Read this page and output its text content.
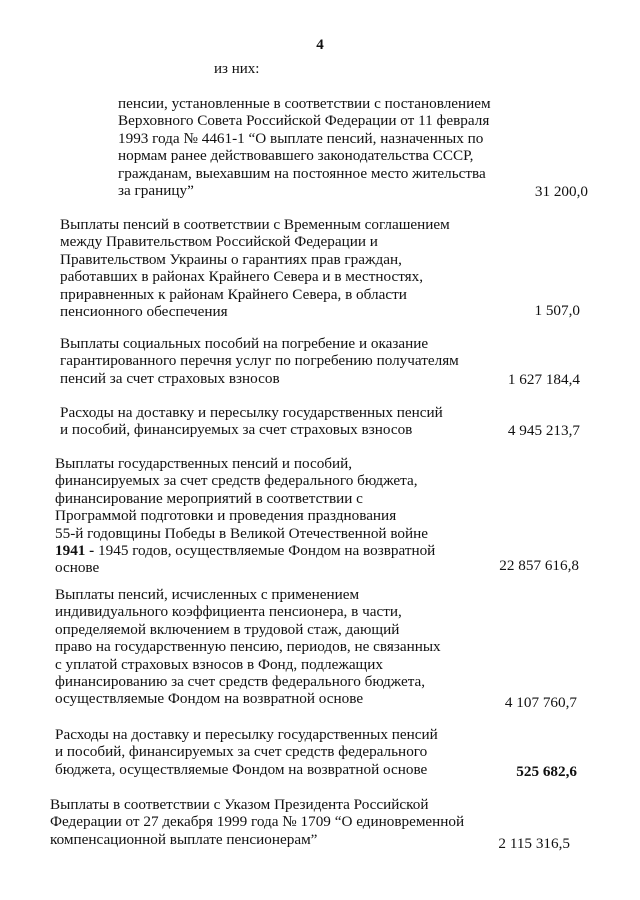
4
из них:
пенсии, установленные в соответствии с постановлением
Верховного Совета Российской Федерации от 11 февраля
1993 года № 4461-1 “О выплате пенсий, назначенных по
нормам ранее действовавшего законодательства СССР,
гражданам, выехавшим на постоянное место жительства
за границу”	31 200,0
Выплаты пенсий в соответствии с Временным соглашением
между Правительством Российской Федерации и
Правительством Украины о гарантиях прав граждан,
работавших в районах Крайнего Севера и в местностях,
приравненных к районам Крайнего Севера, в области
пенсионного обеспечения	1 507,0
Выплаты социальных пособий на погребение и оказание
гарантированного перечня услуг по погребению получателям
пенсий за счет страховых взносов	1 627 184,4
Расходы на доставку и пересылку государственных пенсий
и пособий, финансируемых за счет страховых взносов	4 945 213,7
Выплаты государственных пенсий и пособий,
финансируемых за счет средств федерального бюджета,
финансирование мероприятий в соответствии с
Программой подготовки и проведения празднования
55-й годовщины Победы в Великой Отечественной войне
1941 - 1945 годов, осуществляемые Фондом на возвратной
основе	22 857 616,8
Выплаты пенсий, исчисленных с применением
индивидуального коэффициента пенсионера, в части,
определяемой включением в трудовой стаж, дающий
право на государственную пенсию, периодов, не связанных
с уплатой страховых взносов в Фонд, подлежащих
финансированию за счет средств федерального бюджета,
осуществляемые Фондом на возвратной основе	4 107 760,7
Расходы на доставку и пересылку государственных пенсий
и пособий, финансируемых за счет средств федерального
бюджета, осуществляемые Фондом на возвратной основе	525 682,6
Выплаты в соответствии с Указом Президента Российской
Федерации от 27 декабря 1999 года № 1709 “О единовременной
компенсационной выплате пенсионерам”	2 115 316,5
